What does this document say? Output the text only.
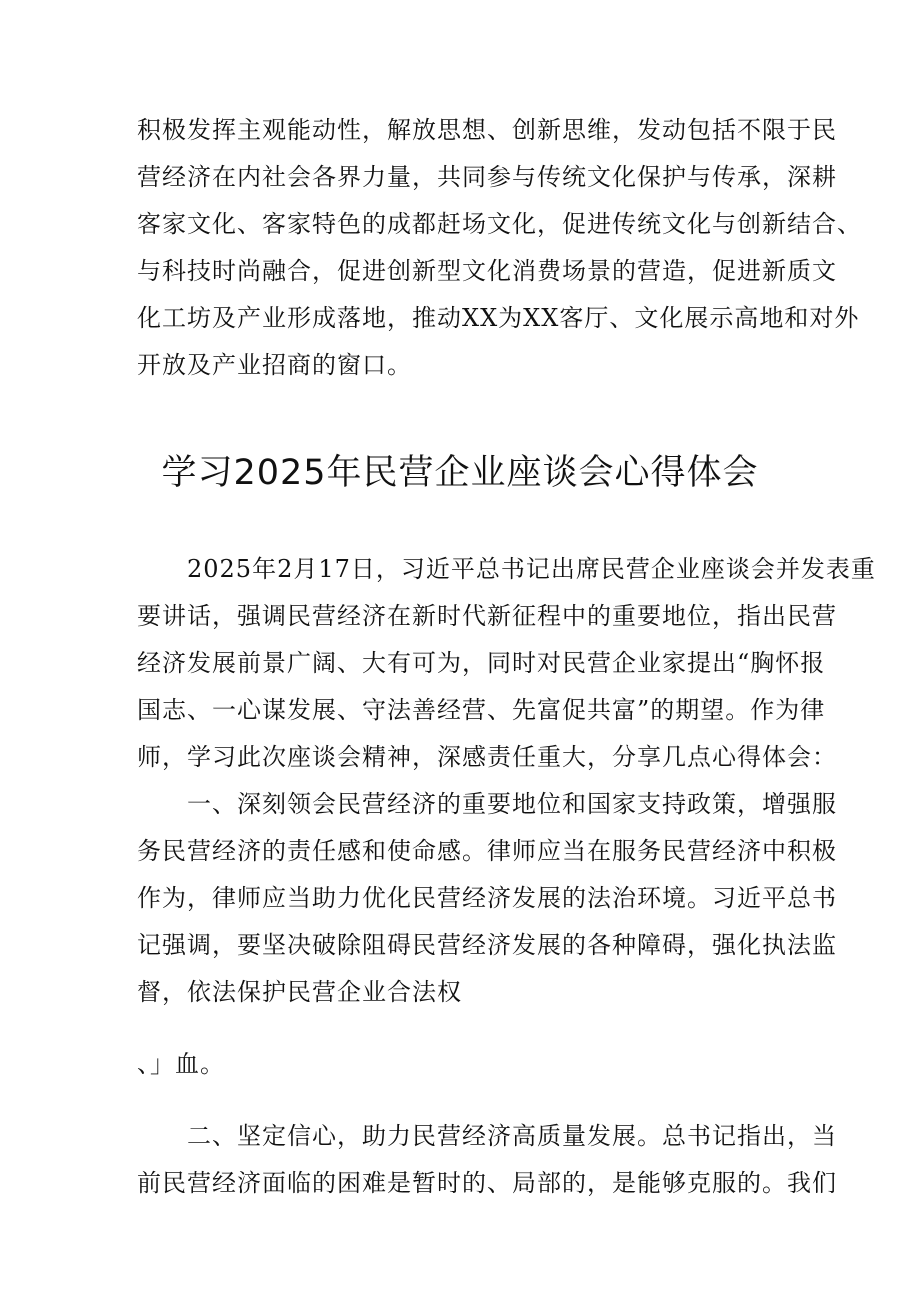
积极发挥主观能动性，解放思想、创新思维，发动包括不限于民
营经济在内社会各界力量，共同参与传统文化保护与传承，深耕
客家文化、客家特色的成都赶场文化，促进传统文化与创新结合、
与科技时尚融合，促进创新型文化消费场景的营造，促进新质文
化工坊及产业形成落地，推动XX为XX客厅、文化展示高地和对外
开放及产业招商的窗口。
学习2025年民营企业座谈会心得体会
　　2025年2月17日，习近平总书记出席民营企业座谈会并发表重
要讲话，强调民营经济在新时代新征程中的重要地位，指出民营
经济发展前景广阔、大有可为，同时对民营企业家提出“胸怀报
国志、一心谋发展、守法善经营、先富促共富”的期望。作为律
师，学习此次座谈会精神，深感责任重大，分享几点心得体会：
　　一、深刻领会民营经济的重要地位和国家支持政策，增强服
务民营经济的责任感和使命感。律师应当在服务民营经济中积极
作为，律师应当助力优化民营经济发展的法治环境。习近平总书
记强调，要坚决破除阻碍民营经济发展的各种障碍，强化执法监
督，依法保护民营企业合法权
、」血。
　　二、坚定信心，助力民营经济高质量发展。总书记指出，当
前民营经济面临的困难是暂时的、局部的，是能够克服的。我们
